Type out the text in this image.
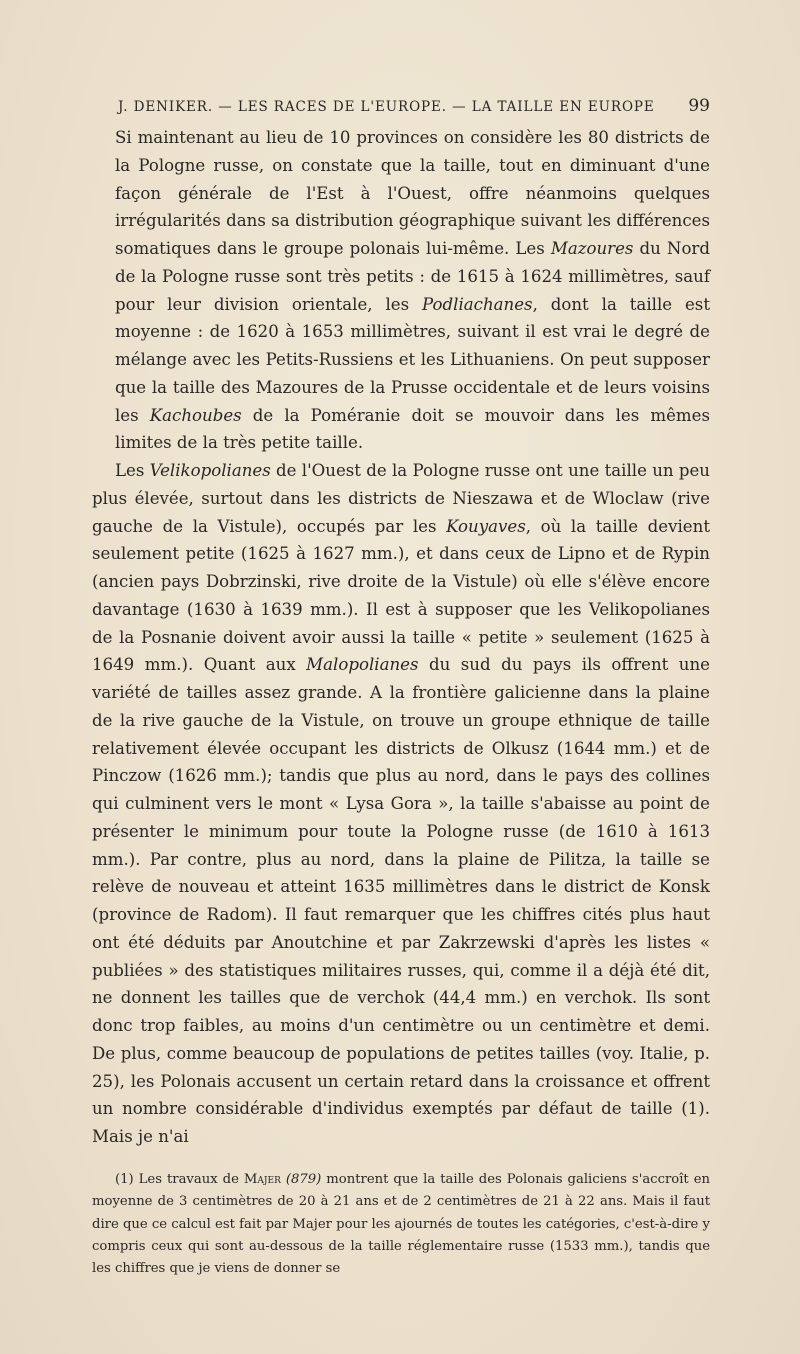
J. DENIKER. — LES RACES DE L'EUROPE. — LA TAILLE EN EUROPE 99

Si maintenant au lieu de 10 provinces on considère les 80 districts de la Pologne russe, on constate que la taille, tout en diminuant d'une façon générale de l'Est à l'Ouest, offre néanmoins quelques irrégularités dans sa distribution géographique suivant les différences somatiques dans le groupe polonais lui-même. Les Mazoures du Nord de la Pologne russe sont très petits : de 1615 à 1624 millimètres, sauf pour leur division orientale, les Podliachanes, dont la taille est moyenne : de 1620 à 1653 millimètres, suivant il est vrai le degré de mélange avec les Petits-Russiens et les Lithuaniens. On peut supposer que la taille des Mazoures de la Prusse occidentale et de leurs voisins les Kachoubes de la Poméranie doit se mouvoir dans les mêmes limites de la très petite taille.

Les Velikopolianes de l'Ouest de la Pologne russe ont une taille un peu plus élevée, surtout dans les districts de Nieszawa et de Wloclaw (rive gauche de la Vistule), occupés par les Kouyaves, où la taille devient seulement petite (1625 à 1627 mm.), et dans ceux de Lipno et de Rypin (ancien pays Dobrzinski, rive droite de la Vistule) où elle s'élève encore davantage (1630 à 1639 mm.). Il est à supposer que les Velikopolianes de la Posnanie doivent avoir aussi la taille « petite » seulement (1625 à 1649 mm.). Quant aux Malopolianes du sud du pays ils offrent une variété de tailles assez grande. A la frontière galicienne dans la plaine de la rive gauche de la Vistule, on trouve un groupe ethnique de taille relativement élevée occupant les districts de Olkusz (1644 mm.) et de Pinczow (1626 mm.); tandis que plus au nord, dans le pays des collines qui culminent vers le mont « Lysa Gora », la taille s'abaisse au point de présenter le minimum pour toute la Pologne russe (de 1610 à 1613 mm.). Par contre, plus au nord, dans la plaine de Pilitza, la taille se relève de nouveau et atteint 1635 millimètres dans le district de Konsk (province de Radom). Il faut remarquer que les chiffres cités plus haut ont été déduits par Anoutchine et par Zakrzewski d'après les listes « publiées » des statistiques militaires russes, qui, comme il a déjà été dit, ne donnent les tailles que de verchok (44,4 mm.) en verchok. Ils sont donc trop faibles, au moins d'un centimètre ou un centimètre et demi. De plus, comme beaucoup de populations de petites tailles (voy. Italie, p. 25), les Polonais accusent un certain retard dans la croissance et offrent un nombre considérable d'individus exemptés par défaut de taille (1). Mais je n'ai

(1) Les travaux de Majer (879) montrent que la taille des Polonais galiciens s'accroît en moyenne de 3 centimètres de 20 à 21 ans et de 2 centimètres de 21 à 22 ans. Mais il faut dire que ce calcul est fait par Majer pour les ajournés de toutes les catégories, c'est-à-dire y compris ceux qui sont au-dessous de la taille réglementaire russe (1533 mm.), tandis que les chiffres que je viens de donner se
